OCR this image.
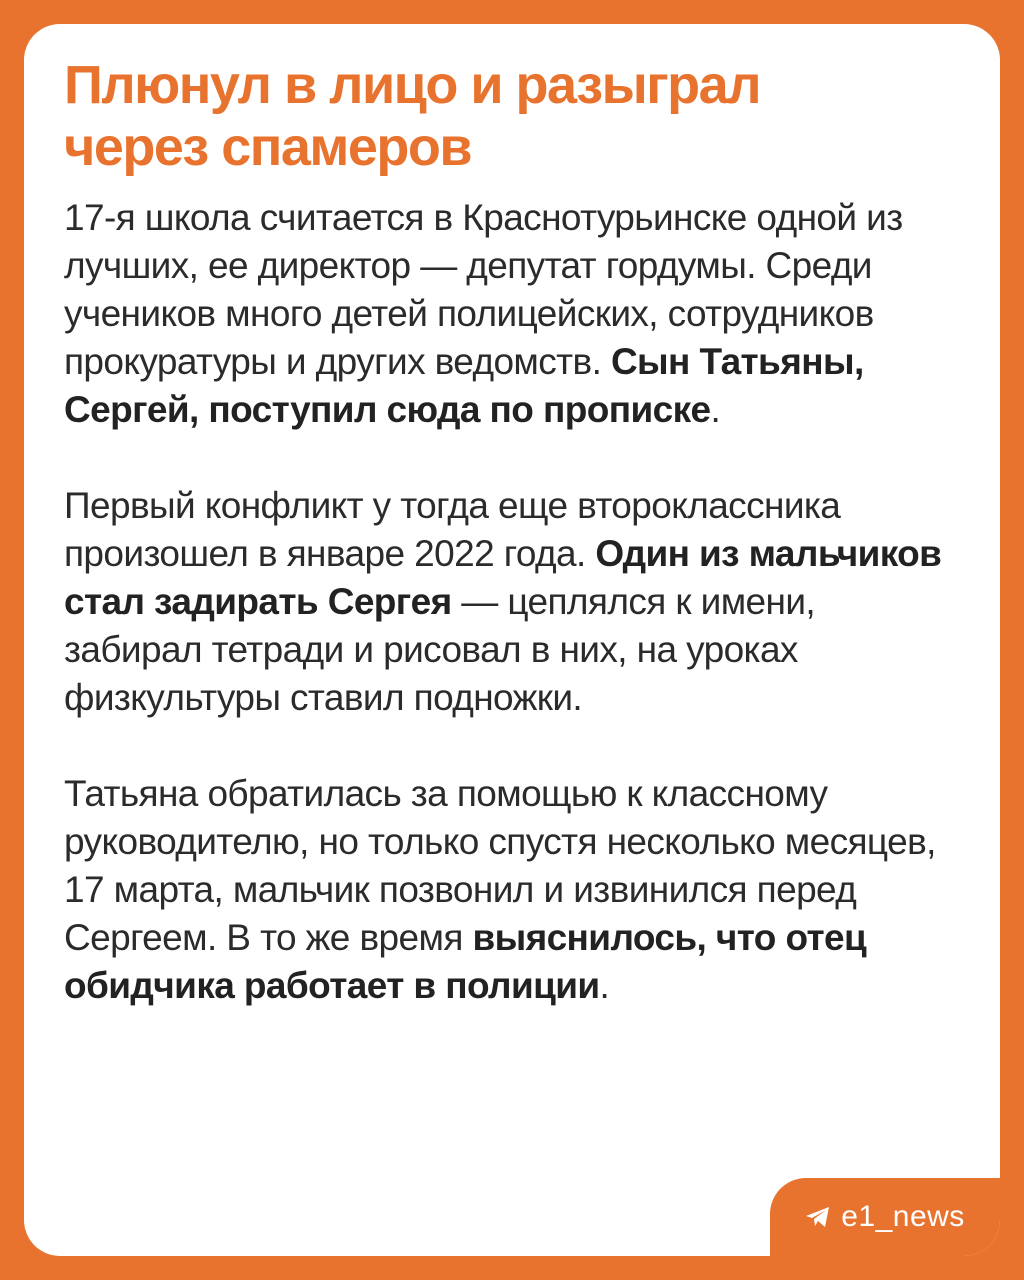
Плюнул в лицо и разыграл
через спамеров

17-я школа считается в Краснотурьинске одной из лучших, ее директор — депутат гордумы. Среди учеников много детей полицейских, сотрудников прокуратуры и других ведомств. Сын Татьяны, Сергей, поступил сюда по прописке.

Первый конфликт у тогда еще второклассника произошел в январе 2022 года. Один из мальчиков стал задирать Сергея — цеплялся к имени, забирал тетради и рисовал в них, на уроках физкультуры ставил подножки.

Татьяна обратилась за помощью к классному руководителю, но только спустя несколько месяцев, 17 марта, мальчик позвонил и извинился перед Сергеем. В то же время выяснилось, что отец обидчика работает в полиции.

e1_news
